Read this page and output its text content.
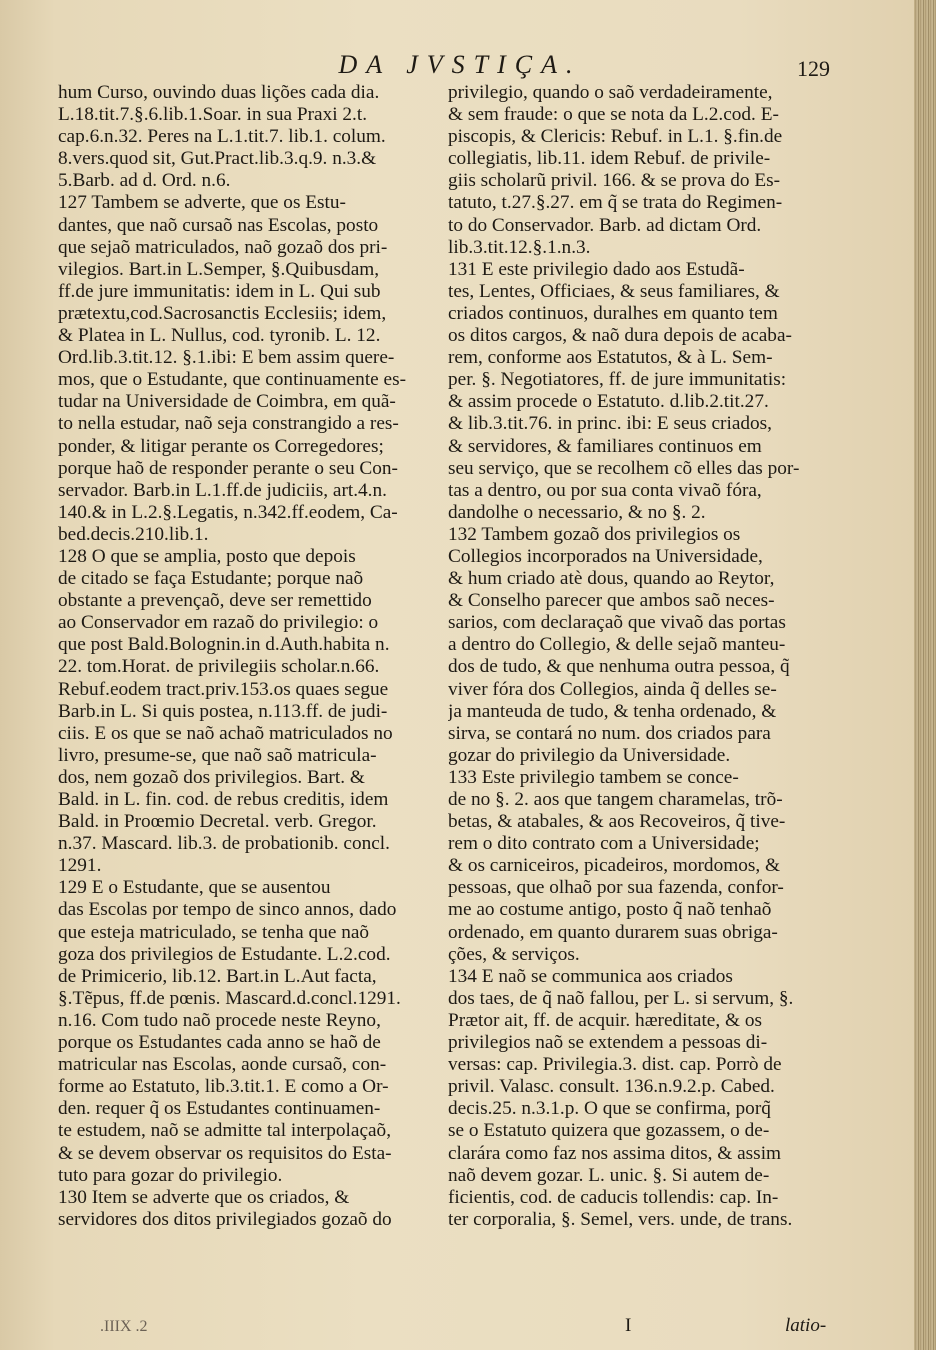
DA JVSTIÇA.	129
hum Curso, ouvindo duas lições cada dia.
L.18.tit.7.§.6.lib.1.Soar. in sua Praxi 2.t.
cap.6.n.32. Peres na L.1.tit.7. lib.1. colum.
8.vers.quod sit, Gut.Pract.lib.3.q.9. n.3.&
5.Barb. ad d. Ord. n.6.
127 Tambem se adverte, que os Estu-
dantes, que naõ cursaõ nas Escolas, posto
que sejaõ matriculados, naõ gozaõ dos pri-
vilegios. Bart.in L.Semper, §.Quibusdam,
ff.de jure immunitatis: idem in L. Qui sub
prætextu,cod.Sacrosanctis Ecclesiis; idem,
& Platea in L. Nullus, cod. tyronib. L. 12.
Ord.lib.3.tit.12. §.1.ibi: E bem assim quere-
mos, que o Estudante, que continuamente es-
tudar na Universidade de Coimbra, em quã-
to nella estudar, naõ seja constrangido a res-
ponder, & litigar perante os Corregedores;
porque haõ de responder perante o seu Con-
servador. Barb.in L.1.ff.de judiciis, art.4.n.
140.& in L.2.§.Legatis, n.342.ff.eodem, Ca-
bed.decis.210.lib.1.
128 O que se amplia, posto que depois
de citado se faça Estudante; porque naõ
obstante a prevençaõ, deve ser remettido
ao Conservador em razaõ do privilegio: o
que post Bald.Bolognin.in d.Auth.habita n.
22. tom.Horat. de privilegiis scholar.n.66.
Rebuf.eodem tract.priv.153.os quaes segue
Barb.in L. Si quis postea, n.113.ff. de judi-
ciis. E os que se naõ achaõ matriculados no
livro, presume-se, que naõ saõ matricula-
dos, nem gozaõ dos privilegios. Bart. &
Bald. in L. fin. cod. de rebus creditis, idem
Bald. in Proœmio Decretal. verb. Gregor.
n.37. Mascard. lib.3. de probationib. concl.
1291.
129 E o Estudante, que se ausentou
das Escolas por tempo de sinco annos, dado
que esteja matriculado, se tenha que naõ
goza dos privilegios de Estudante. L.2.cod.
de Primicerio, lib.12. Bart.in L.Aut facta,
§.Tẽpus, ff.de pœnis. Mascard.d.concl.1291.
n.16. Com tudo naõ procede neste Reyno,
porque os Estudantes cada anno se haõ de
matricular nas Escolas, aonde cursaõ, con-
forme ao Estatuto, lib.3.tit.1. E como a Or-
den. requer q̃ os Estudantes continuamen-
te estudem, naõ se admitte tal interpolaçaõ,
& se devem observar os requisitos do Esta-
tuto para gozar do privilegio.
130 Item se adverte que os criados, &
servidores dos ditos privilegiados gozaõ do
privilegio, quando o saõ verdadeiramente,
& sem fraude: o que se nota da L.2.cod. E-
piscopis, & Clericis: Rebuf. in L.1. §.fin.de
collegiatis, lib.11. idem Rebuf. de privile-
giis scholarũ privil. 166. & se prova do Es-
tatuto, t.27.§.27. em q̃ se trata do Regimen-
to do Conservador. Barb. ad dictam Ord.
lib.3.tit.12.§.1.n.3.
131 E este privilegio dado aos Estudã-
tes, Lentes, Officiaes, & seus familiares, &
criados continuos, duralhes em quanto tem
os ditos cargos, & naõ dura depois de acaba-
rem, conforme aos Estatutos, & à L. Sem-
per. §. Negotiatores, ff. de jure immunitatis:
& assim procede o Estatuto. d.lib.2.tit.27.
& lib.3.tit.76. in princ. ibi: E seus criados,
& servidores, & familiares continuos em
seu serviço, que se recolhem cõ elles das por-
tas a dentro, ou por sua conta vivaõ fóra,
dandolhe o necessario, & no §. 2.
132 Tambem gozaõ dos privilegios os
Collegios incorporados na Universidade,
& hum criado atè dous, quando ao Reytor,
& Conselho parecer que ambos saõ neces-
sarios, com declaraçaõ que vivaõ das portas
a dentro do Collegio, & delle sejaõ manteu-
dos de tudo, & que nenhuma outra pessoa, q̃
viver fóra dos Collegios, ainda q̃ delles se-
ja manteuda de tudo, & tenha ordenado, &
sirva, se contará no num. dos criados para
gozar do privilegio da Universidade.
133 Este privilegio tambem se conce-
de no §. 2. aos que tangem charamelas, trõ-
betas, & atabales, & aos Recoveiros, q̃ tive-
rem o dito contrato com a Universidade;
& os carniceiros, picadeiros, mordomos, &
pessoas, que olhaõ por sua fazenda, confor-
me ao costume antigo, posto q̃ naõ tenhaõ
ordenado, em quanto durarem suas obriga-
ções, & serviços.
134 E naõ se communica aos criados
dos taes, de q̃ naõ fallou, per L. si servum, §.
Prætor ait, ff. de acquir. hæreditate, & os
privilegios naõ se extendem a pessoas di-
versas: cap. Privilegia.3. dist. cap. Porrò de
privil. Valasc. consult. 136.n.9.2.p. Cabed.
decis.25. n.3.1.p. O que se confirma, porq̃
se o Estatuto quizera que gozassem, o de-
clarára como faz nos assima ditos, & assim
naõ devem gozar. L. unic. §. Si autem de-
ficientis, cod. de caducis tollendis: cap. In-
ter corporalia, §. Semel, vers. unde, de trans.
.IIIX .2	I	latio-
